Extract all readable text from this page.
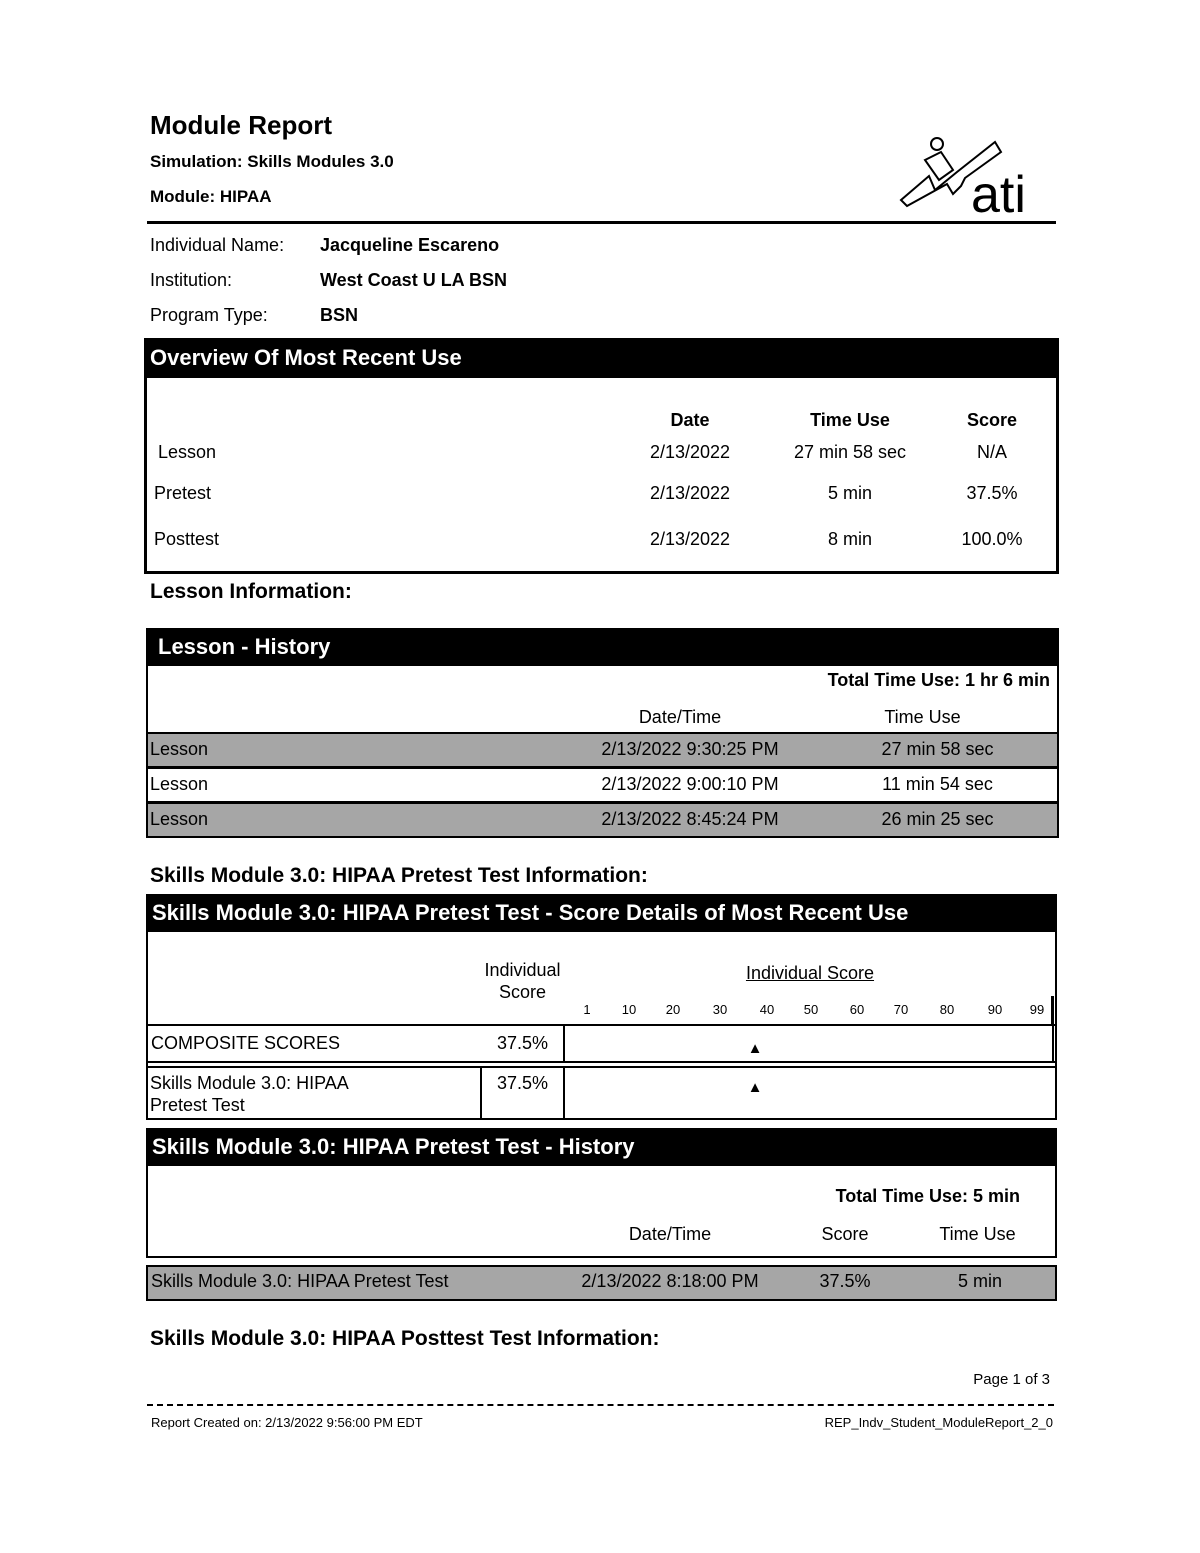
Module Report
Simulation: Skills Modules 3.0
Module: HIPAA	ati
Individual Name: Jacqueline Escareno
Institution:	West Coast U LA BSN
Program Type:	BSN
Overview Of Most Recent Use
Date	Time Use	Score
Lesson	2/13/2022	27 min 58 sec	N/A
Pretest	2/13/2022	5 min	37.5%
Posttest	2/13/2022	8 min	100.0%
Lesson Information:
Lesson - History
Total Time Use: 1 hr 6 min
Date/Time	Time Use
Lesson	2/13/2022 9:30:25 PM	27 min 58 sec
Lesson	2/13/2022 9:00:10 PM	11 min 54 sec
Lesson	2/13/2022 8:45:24 PM	26 min 25 sec
Skills Module 3.0: HIPAA Pretest Test Information:
Skills Module 3.0: HIPAA Pretest Test - Score Details of Most Recent Use
Individual
Score
Individual Score
1	10	20	30	40	50	60	70	80	90	99
COMPOSITE SCORES	37.5%	▲
Skills Module 3.0: HIPAA
Pretest Test
37.5%	▲
Skills Module 3.0: HIPAA Pretest Test - History
Total Time Use: 5 min
Date/Time	Score	Time Use
Skills Module 3.0: HIPAA Pretest Test	2/13/2022 8:18:00 PM	37.5%	5 min
Skills Module 3.0: HIPAA Posttest Test Information:
Page 1 of 3
Report Created on: 2/13/2022 9:56:00 PM EDT	REP_Indv_Student_ModuleReport_2_0
